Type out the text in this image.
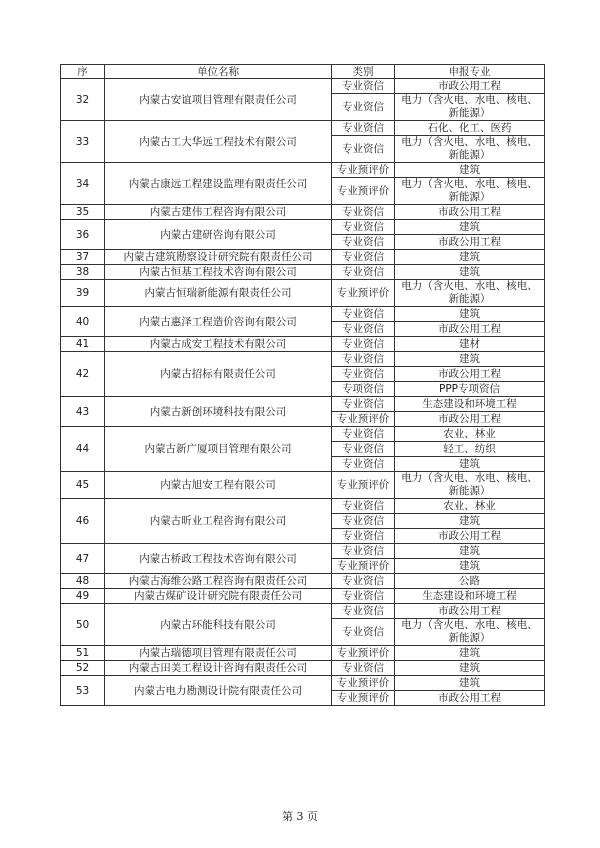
序	单位名称	类别	申报专业
32	内蒙古安谊项目管理有限责任公司	专业资信	市政公用工程
		专业资信	电力（含火电、水电、核电、新能源）
33	内蒙古工大华远工程技术有限公司	专业资信	石化、化工、医药
		专业资信	电力（含火电、水电、核电、新能源）
34	内蒙古康远工程建设监理有限责任公司	专业预评价	建筑
		专业预评价	电力（含火电、水电、核电、新能源）
35	内蒙古建伟工程咨询有限公司	专业资信	市政公用工程
36	内蒙古建研咨询有限公司	专业资信	建筑
		专业资信	市政公用工程
37	内蒙古建筑勘察设计研究院有限责任公司	专业资信	建筑
38	内蒙古恒基工程技术咨询有限公司	专业资信	建筑
39	内蒙古恒瑞新能源有限责任公司	专业预评价	电力（含火电、水电、核电、新能源）
40	内蒙古惠泽工程造价咨询有限公司	专业资信	建筑
		专业资信	市政公用工程
41	内蒙古成安工程技术有限公司	专业资信	建材
42	内蒙古招标有限责任公司	专业资信	建筑
		专业资信	市政公用工程
		专项资信	PPP专项资信
43	内蒙古新创环境科技有限公司	专业资信	生态建设和环境工程
		专业预评价	市政公用工程
44	内蒙古新广厦项目管理有限公司	专业资信	农业、林业
		专业资信	轻工、纺织
		专业资信	建筑
45	内蒙古旭安工程有限公司	专业预评价	电力（含火电、水电、核电、新能源）
46	内蒙古昕业工程咨询有限公司	专业资信	农业、林业
		专业资信	建筑
		专业资信	市政公用工程
47	内蒙古桥政工程技术咨询有限公司	专业资信	建筑
		专业预评价	建筑
48	内蒙古海维公路工程咨询有限责任公司	专业资信	公路
49	内蒙古煤矿设计研究院有限责任公司	专业资信	生态建设和环境工程
50	内蒙古环能科技有限公司	专业资信	市政公用工程
		专业资信	电力（含火电、水电、核电、新能源）
51	内蒙古瑞德项目管理有限责任公司	专业预评价	建筑
52	内蒙古田美工程设计咨询有限责任公司	专业资信	建筑
53	内蒙古电力勘测设计院有限责任公司	专业预评价	建筑
		专业预评价	市政公用工程
第 3 页
